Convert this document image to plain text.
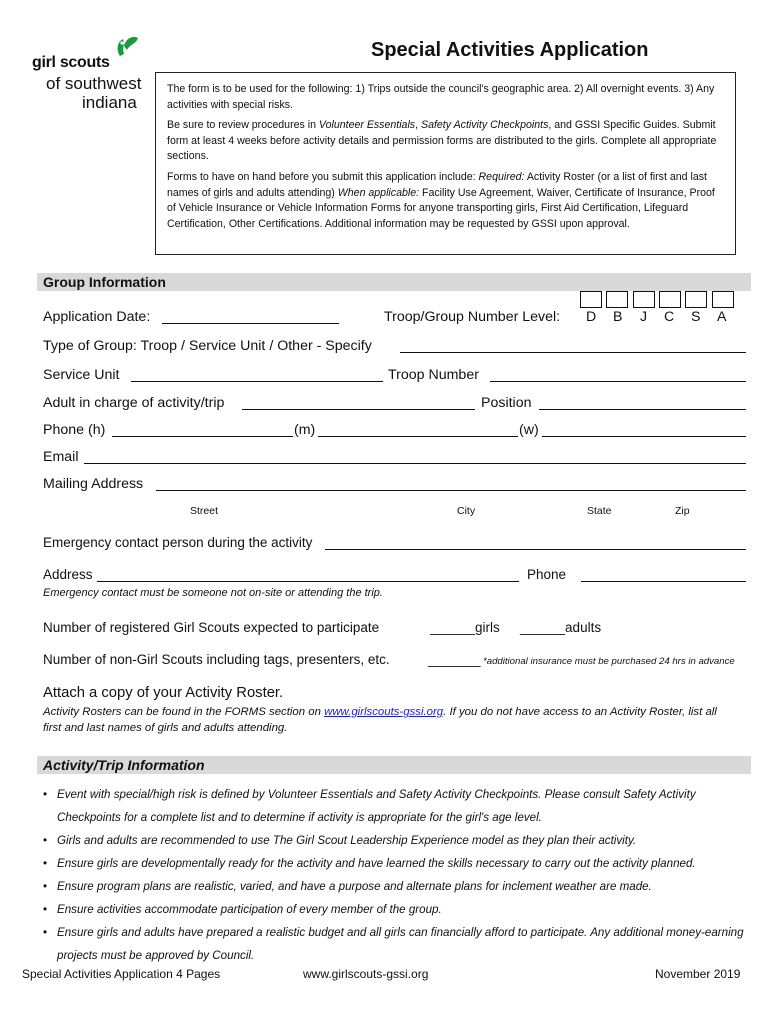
girl scouts
of southwest
indiana
Special Activities Application

The form is to be used for the following: 1) Trips outside the council's geographic area. 2) All overnight events. 3) Any activities with special risks.

Be sure to review procedures in Volunteer Essentials, Safety Activity Checkpoints, and GSSI Specific Guides. Submit form at least 4 weeks before activity details and permission forms are distributed to the girls. Complete all appropriate sections.

Forms to have on hand before you submit this application include: Required: Activity Roster (or a list of first and last names of girls and adults attending) When applicable: Facility Use Agreement, Waiver, Certificate of Insurance, Proof of Vehicle Insurance or Vehicle Information Forms for anyone transporting girls, First Aid Certification, Lifeguard Certification, Other Certifications. Additional information may be requested by GSSI upon approval.

Group Information
Application Date:	Troop/Group Number Level: D B J C S A
Type of Group: Troop / Service Unit / Other - Specify
Service Unit	Troop Number
Adult in charge of activity/trip	Position
Phone (h)	(m)	(w)
Email
Mailing Address
Street	City	State	Zip
Emergency contact person during the activity
Address	Phone
Emergency contact must be someone not on-site or attending the trip.
Number of registered Girl Scouts expected to participate	______girls ______adults
Number of non-Girl Scouts including tags, presenters, etc.	_______ *additional insurance must be purchased 24 hrs in advance
Attach a copy of your Activity Roster.
Activity Rosters can be found in the FORMS section on www.girlscouts-gssi.org. If you do not have access to an Activity Roster, list all first and last names of girls and adults attending.
Activity/Trip Information
• Event with special/high risk is defined by Volunteer Essentials and Safety Activity Checkpoints. Please consult Safety Activity Checkpoints for a complete list and to determine if activity is appropriate for the girl's age level.
• Girls and adults are recommended to use The Girl Scout Leadership Experience model as they plan their activity.
• Ensure girls are developmentally ready for the activity and have learned the skills necessary to carry out the activity planned.
• Ensure program plans are realistic, varied, and have a purpose and alternate plans for inclement weather are made.
• Ensure activities accommodate participation of every member of the group.
• Ensure girls and adults have prepared a realistic budget and all girls can financially afford to participate. Any additional money-earning projects must be approved by Council.
Special Activities Application 4 Pages	www.girlscouts-gssi.org	November 2019
